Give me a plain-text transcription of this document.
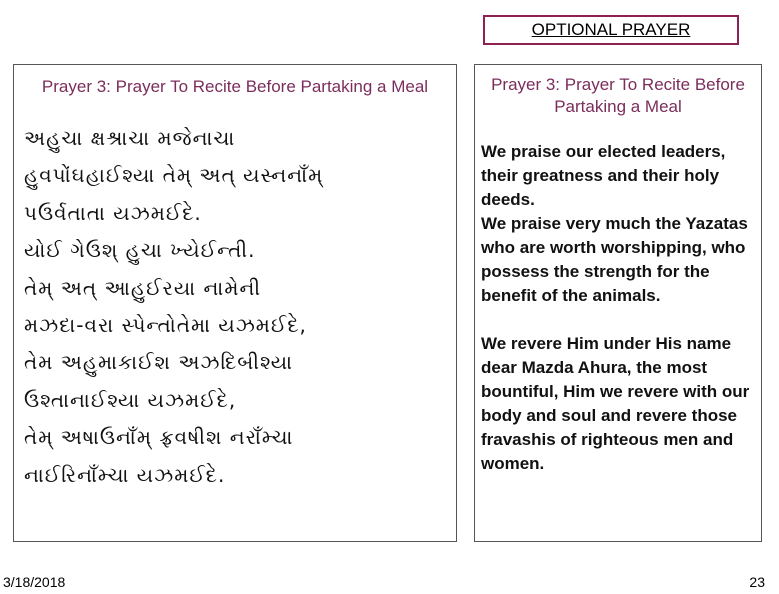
OPTIONAL PRAYER
Prayer 3: Prayer To Recite Before Partaking a Meal
અહુચા ક્ષશ્રાચા મજેનાચા
હુવપોંઘહાઈશ્યા તેમ્ અત્ યસ્નનાઁમ્
પઉર્વતાતા યઝમઈદે.
યોઈ ગેઉશ્ હુચા ખ્યેઈન્તી.
તેમ્ અત્ આહુઈરયા નામેની
મઝદા-વરા સ્પેન્તોતેમા યઝમઈદે,
તેમ અહુમાકાઈશ અઝદિબીશ્યા
ઉશ્તાનાઈશ્યા યઝમઈદે,
તેમ્ અષાઉનાઁમ્ ફ્રવષીશ નરાઁમ્ચા
નાઈરિનાઁમ્ચા યઝમઈદે.
Prayer 3: Prayer To Recite Before Partaking a Meal

We praise our elected leaders, their greatness and their holy deeds.

We praise very much the Yazatas who are worth worshipping, who possess the strength for the benefit of the animals.

We revere Him under His name dear Mazda Ahura, the most bountiful, Him we revere with our body and soul and revere those fravashis of righteous men and women.

3/18/2018	23
